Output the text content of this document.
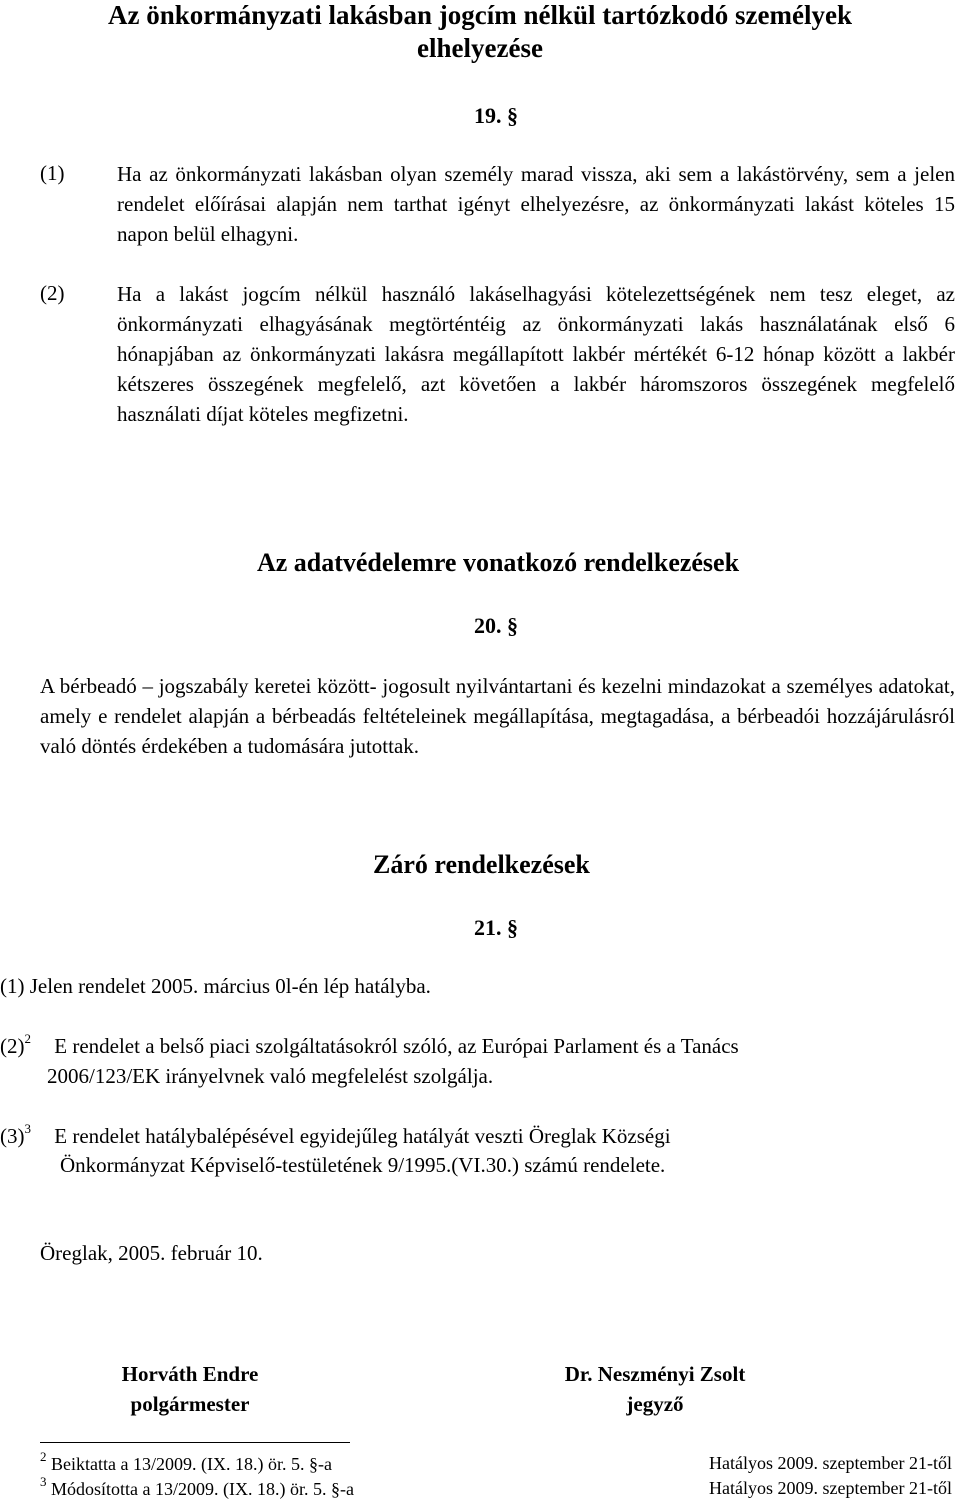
Az önkormányzati lakásban jogcím nélkül tartózkodó személyek
elhelyezése
19. §
(1)	Ha az önkormányzati lakásban olyan személy marad vissza, aki sem a lakástörvény, sem a jelen rendelet előírásai alapján nem tarthat igényt elhelyezésre, az önkormányzati lakást köteles 15 napon belül elhagyni.
(2)	Ha a lakást jogcím nélkül használó lakáselhagyási kötelezettségének nem tesz eleget, az önkormányzati elhagyásának megtörténtéig az önkormányzati lakás használatának első 6 hónapjában az önkormányzati lakásra megállapított lakbér mértékét 6-12 hónap között a lakbér kétszeres összegének megfelelő, azt követően a lakbér háromszoros összegének megfelelő használati díjat köteles megfizetni.
Az adatvédelemre vonatkozó rendelkezések
20. §
A bérbeadó – jogszabály keretei között- jogosult nyilvántartani és kezelni mindazokat a személyes adatokat, amely e rendelet alapján a bérbeadás feltételeinek megállapítása, megtagadása, a bérbeadói hozzájárulásról való döntés érdekében a tudomására jutottak.
Záró rendelkezések
21. §
(1) Jelen rendelet 2005. március 0l-én lép hatályba.
$(2)^2$ E rendelet a belső piaci szolgáltatásokról szóló, az Európai Parlament és a Tanács
2006/123/EK irányelvnek való megfelelést szolgálja.
$(3)^3$ E rendelet hatálybalépésével egyidejűleg hatályát veszti Öreglak Községi
Önkormányzat Képviselő-testületének 9/1995.(VI.30.) számú rendelete.
Öreglak, 2005. február 10.
Horváth Endre
polgármester
Dr. Neszményi Zsolt
jegyző
$^2$ Beiktatta a 13/2009. (IX. 18.) ör. 5. §-a	Hatályos 2009. szeptember 21-től
$^3$ Módosította a 13/2009. (IX. 18.) ör. 5. §-a	Hatályos 2009. szeptember 21-től
